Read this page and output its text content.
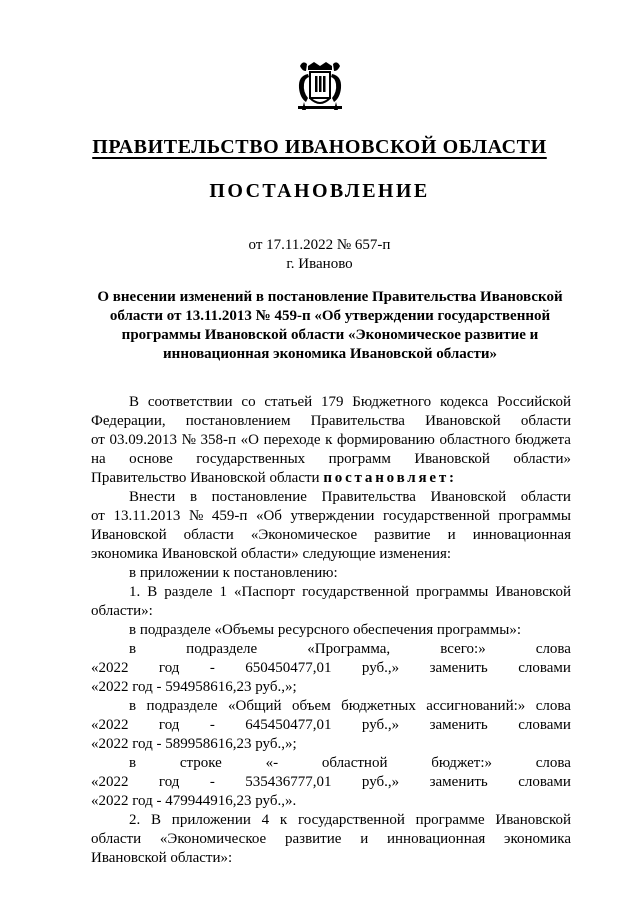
ПРАВИТЕЛЬСТВО ИВАНОВСКОЙ ОБЛАСТИ
ПОСТАНОВЛЕНИЕ
от 17.11.2022 № 657-п
г. Иваново
О внесении изменений в постановление Правительства Ивановской области от 13.11.2013 № 459-п «Об утверждении государственной программы Ивановской области «Экономическое развитие и инновационная экономика Ивановской области»
В соответствии со статьей 179 Бюджетного кодекса Российской
Федерации, постановлением Правительства Ивановской области
от 03.09.2013 № 358-п «О переходе к формированию областного бюджета
на основе государственных программ Ивановской области»
Правительство Ивановской области постановляет:
Внести в постановление Правительства Ивановской области
от 13.11.2013 № 459-п «Об утверждении государственной программы
Ивановской области «Экономическое развитие и инновационная
экономика Ивановской области» следующие изменения:
в приложении к постановлению:
1. В разделе 1 «Паспорт государственной программы Ивановской
области»:
в подразделе «Объемы ресурсного обеспечения программы»:
в	подразделе	«Программа,	всего:»	слова
«2022 год - 650450477,01 руб.,» заменить словами
«2022 год - 594958616,23 руб.,»;
в подразделе «Общий объем бюджетных ассигнований:» слова
«2022 год - 645450477,01 руб.,» заменить словами
«2022 год - 589958616,23 руб.,»;
в	строке	«-	областной	бюджет:»	слова
«2022 год - 535436777,01 руб.,» заменить словами
«2022 год - 479944916,23 руб.,».
2. В приложении 4 к государственной программе Ивановской
области «Экономическое развитие и инновационная экономика
Ивановской области»:
